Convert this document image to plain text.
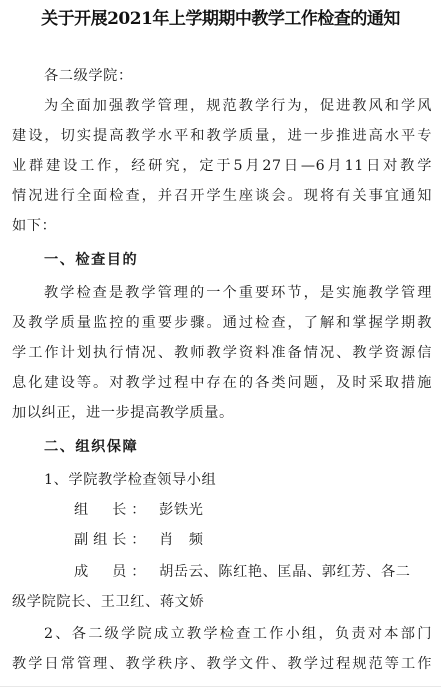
关于开展2021年上学期期中教学工作检查的通知
各二级学院：
为全面加强教学管理，规范教学行为，促进教风和学风
建设，切实提高教学水平和教学质量，进一步推进高水平专
业群建设工作，经研究，定于5月27日—6月11日对教学
情况进行全面检查，并召开学生座谈会。现将有关事宜通知
如下：
一、检查目的
教学检查是教学管理的一个重要环节，是实施教学管理
及教学质量监控的重要步骤。通过检查，了解和掌握学期教
学工作计划执行情况、教师教学资料准备情况、教学资源信
息化建设等。对教学过程中存在的各类问题，及时采取措施
加以纠正，进一步提高教学质量。
二、组织保障
1、学院教学检查领导小组
组　长： 彭铁光
副组长： 肖　频
成　员： 胡岳云、陈红艳、匡晶、郭红芳、各二
级学院院长、王卫红、蒋文娇
2、各二级学院成立教学检查工作小组，负责对本部门
教学日常管理、教学秩序、教学文件、教学过程规范等工作
